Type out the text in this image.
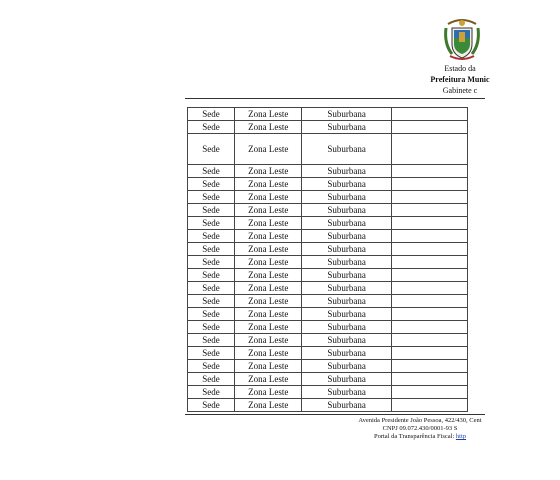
Estado da
Prefeitura Munic
Gabinete c
Sede	Zona Leste	Suburbana	
Sede	Zona Leste	Suburbana	
Sede	Zona Leste	Suburbana	
Sede	Zona Leste	Suburbana	
Sede	Zona Leste	Suburbana	
Sede	Zona Leste	Suburbana	
Sede	Zona Leste	Suburbana	
Sede	Zona Leste	Suburbana	
Sede	Zona Leste	Suburbana	
Sede	Zona Leste	Suburbana	
Sede	Zona Leste	Suburbana	
Sede	Zona Leste	Suburbana	
Sede	Zona Leste	Suburbana	
Sede	Zona Leste	Suburbana	
Sede	Zona Leste	Suburbana	
Sede	Zona Leste	Suburbana	
Sede	Zona Leste	Suburbana	
Sede	Zona Leste	Suburbana	
Sede	Zona Leste	Suburbana	
Sede	Zona Leste	Suburbana	
Sede	Zona Leste	Suburbana	
Sede	Zona Leste	Suburbana	
Avenida Presidente João Pessoa, 422/430, Cent
CNPJ 09.072.430/0001-93 S
Portal da Transparência Fiscal: http
